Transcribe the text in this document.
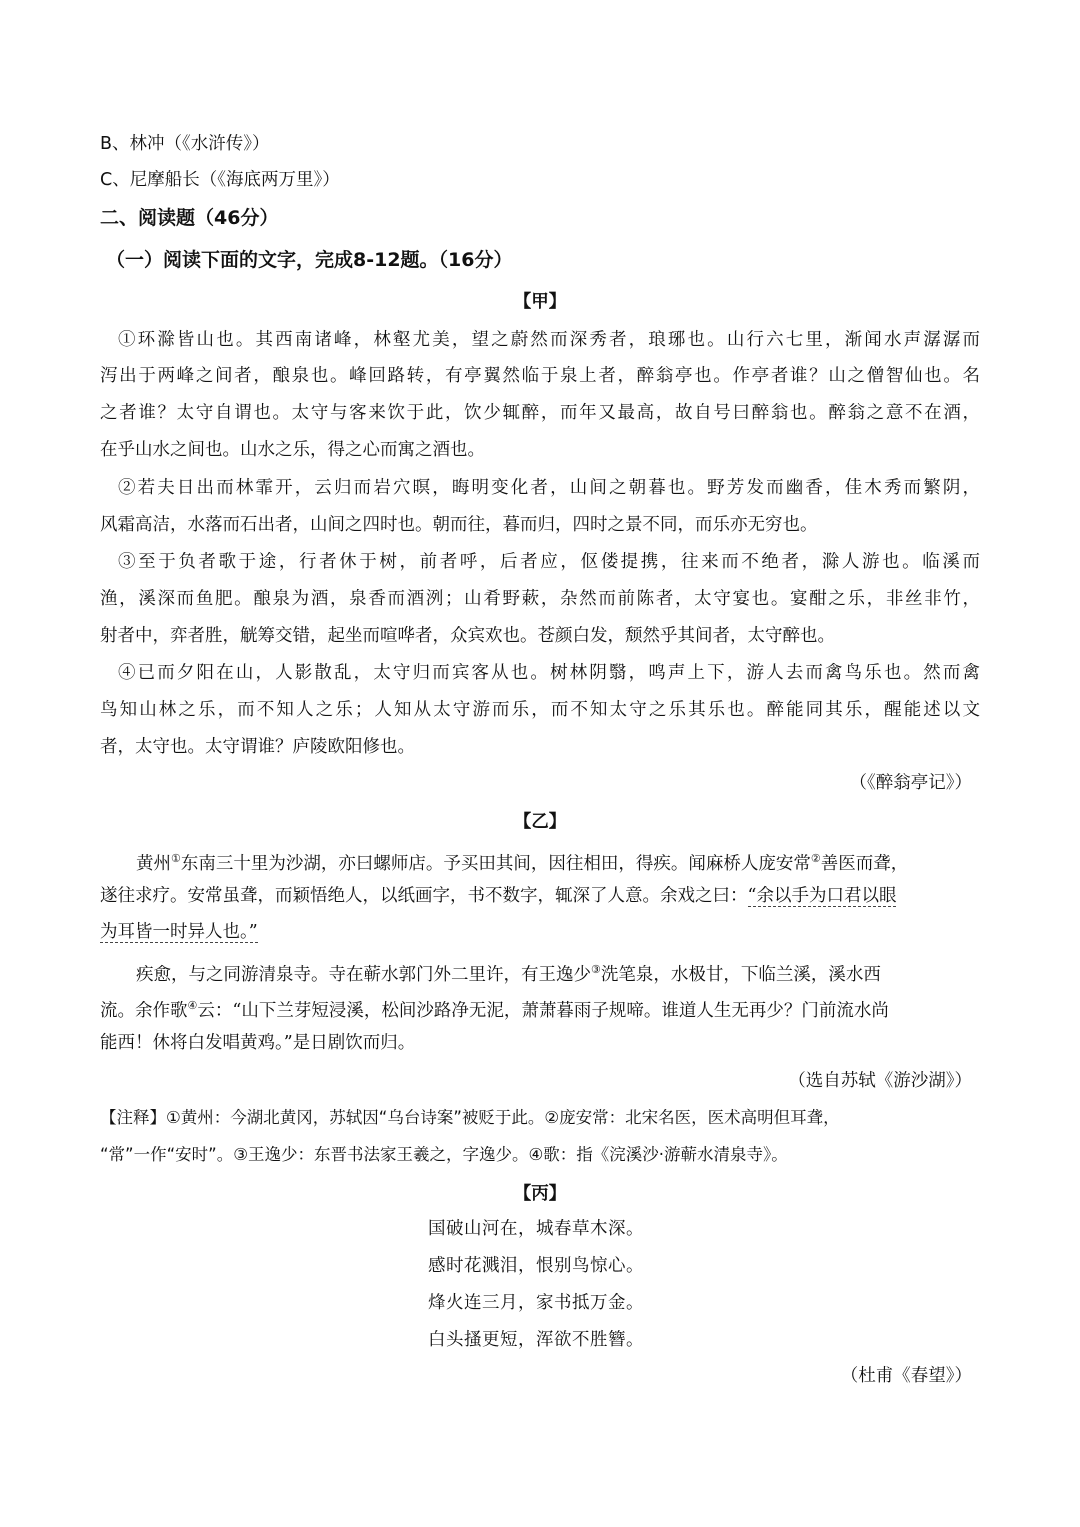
B、林冲（《水浒传》）
C、尼摩船长（《海底两万里》）
二、阅读题（46分）
（一）阅读下面的文字，完成8-12题。（16分）
【甲】
①环滁皆山也。其西南诸峰，林壑尤美，望之蔚然而深秀者，琅琊也。山行六七里，渐闻水声潺潺而
泻出于两峰之间者，酿泉也。峰回路转，有亭翼然临于泉上者，醉翁亭也。作亭者谁？山之僧智仙也。名
之者谁？太守自谓也。太守与客来饮于此，饮少辄醉，而年又最高，故自号曰醉翁也。醉翁之意不在酒，
在乎山水之间也。山水之乐，得之心而寓之酒也。
②若夫日出而林霏开，云归而岩穴暝，晦明变化者，山间之朝暮也。野芳发而幽香，佳木秀而繁阴，
风霜高洁，水落而石出者，山间之四时也。朝而往，暮而归，四时之景不同，而乐亦无穷也。
③至于负者歌于途，行者休于树，前者呼，后者应，伛偻提携，往来而不绝者，滁人游也。临溪而
渔，溪深而鱼肥。酿泉为酒，泉香而酒洌；山肴野蔌，杂然而前陈者，太守宴也。宴酣之乐，非丝非竹，
射者中，弈者胜，觥筹交错，起坐而喧哗者，众宾欢也。苍颜白发，颓然乎其间者，太守醉也。
④已而夕阳在山，人影散乱，太守归而宾客从也。树林阴翳，鸣声上下，游人去而禽鸟乐也。然而禽
鸟知山林之乐，而不知人之乐；人知从太守游而乐，而不知太守之乐其乐也。醉能同其乐，醒能述以文
者，太守也。太守谓谁？庐陵欧阳修也。
（《醉翁亭记》）
【乙】
黄州①东南三十里为沙湖，亦曰螺师店。予买田其间，因往相田，得疾。闻麻桥人庞安常②善医而聋，
遂往求疗。安常虽聋，而颖悟绝人，以纸画字，书不数字，辄深了人意。余戏之曰：“余以手为口君以眼
为耳皆一时异人也。”
疾愈，与之同游清泉寺。寺在蕲水郭门外二里许，有王逸少③洗笔泉，水极甘，下临兰溪，溪水西
流。余作歌④云：“山下兰芽短浸溪，松间沙路净无泥，萧萧暮雨子规啼。谁道人生无再少？门前流水尚
能西！休将白发唱黄鸡。”是日剧饮而归。
（选自苏轼《游沙湖》）
【注释】①黄州：今湖北黄冈，苏轼因“乌台诗案”被贬于此。②庞安常：北宋名医，医术高明但耳聋，
“常”一作“安时”。③王逸少：东晋书法家王羲之，字逸少。④歌：指《浣溪沙·游蕲水清泉寺》。
【丙】
国破山河在，城春草木深。
感时花溅泪，恨别鸟惊心。
烽火连三月，家书抵万金。
白头搔更短，浑欲不胜簪。
（杜甫《春望》）
